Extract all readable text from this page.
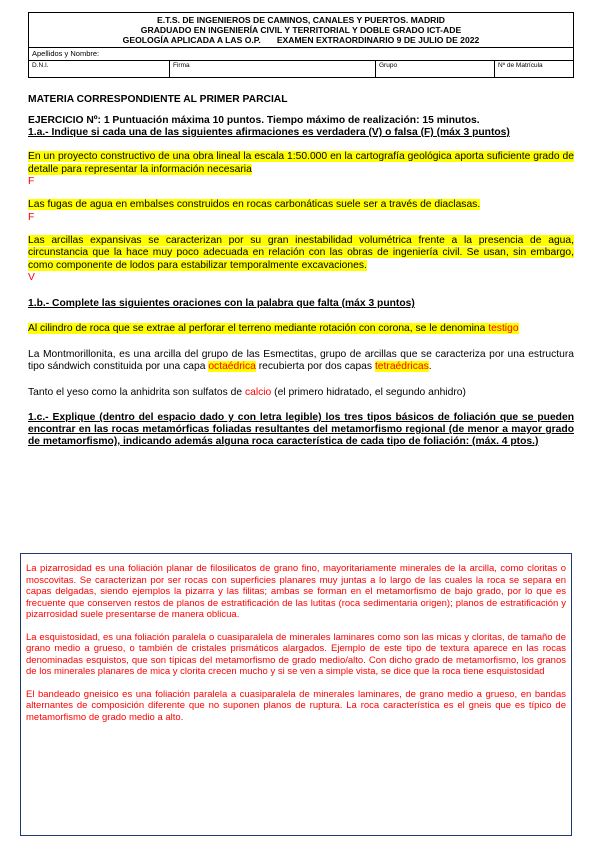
E.T.S. DE INGENIEROS DE CAMINOS, CANALES Y PUERTOS. MADRID
GRADUADO EN INGENIERÍA CIVIL Y TERRITORIAL Y DOBLE GRADO ICT-ADE
GEOLOGÍA APLICADA A LAS O.P. EXAMEN EXTRAORDINARIO 9 DE JULIO DE 2022

Apellidos y Nombre:
D.N.I.	Firma	Grupo	Nº de Matrícula
MATERIA CORRESPONDIENTE AL PRIMER PARCIAL
EJERCICIO Nº: 1 Puntuación máxima 10 puntos. Tiempo máximo de realización: 15 minutos.
1.a.- Indique si cada una de las siguientes afirmaciones es verdadera (V) o falsa (F) (máx 3 puntos)
En un proyecto constructivo de una obra lineal la escala 1:50.000 en la cartografía geológica aporta suficiente grado de detalle para representar la información necesaria
F
Las fugas de agua en embalses construidos en rocas carbonáticas suele ser a través de diaclasas.
F
Las arcillas expansivas se caracterizan por su gran inestabilidad volumétrica frente a la presencia de agua, circunstancia que la hace muy poco adecuada en relación con las obras de ingeniería civil. Se usan, sin embargo, como componente de lodos para estabilizar temporalmente excavaciones.
V
1.b.- Complete las siguientes oraciones con la palabra que falta (máx 3 puntos)
Al cilindro de roca que se extrae al perforar el terreno mediante rotación con corona, se le denomina testigo
La Montmorillonita, es una arcilla del grupo de las Esmectitas, grupo de arcillas que se caracteriza por una estructura tipo sándwich constituida por una capa octaédrica recubierta por dos capas tetraédricas.
Tanto el yeso como la anhidrita son sulfatos de calcio (el primero hidratado, el segundo anhidro)
1.c.- Explique (dentro del espacio dado y con letra legible) los tres tipos básicos de foliación que se pueden encontrar en las rocas metamórficas foliadas resultantes del metamorfismo regional (de menor a mayor grado de metamorfismo), indicando además alguna roca característica de cada tipo de foliación: (máx. 4 ptos.)

La pizarrosidad es una foliación planar de filosilicatos de grano fino, mayoritariamente minerales de la arcilla, como cloritas o moscovitas. Se caracterizan por ser rocas con superficies planares muy juntas a lo largo de las cuales la roca se separa en capas delgadas, siendo ejemplos la pizarra y las filitas; ambas se forman en el metamorfismo de bajo grado, por lo que es frecuente que conserven restos de planos de estratificación de las lutitas (roca sedimentaria origen); planos de estratificación y pizarrosidad suele presentarse de manera oblicua.

La esquistosidad, es una foliación paralela o cuasiparalela de minerales laminares como son las micas y cloritas, de tamaño de grano medio a grueso, o también de cristales prismáticos alargados. Ejemplo de este tipo de textura aparece en las rocas denominadas esquistos, que son típicas del metamorfismo de grado medio/alto. Con dicho grado de metamorfismo, los granos de los minerales planares de mica y clorita crecen mucho y si se ven a simple vista, se dice que la roca tiene esquistosidad

El bandeado gneisico es una foliación paralela a cuasiparalela de minerales laminares, de grano medio a grueso, en bandas alternantes de composición diferente que no suponen planos de ruptura. La roca característica es el gneis que es típico de metamorfismo de grado medio a alto.
